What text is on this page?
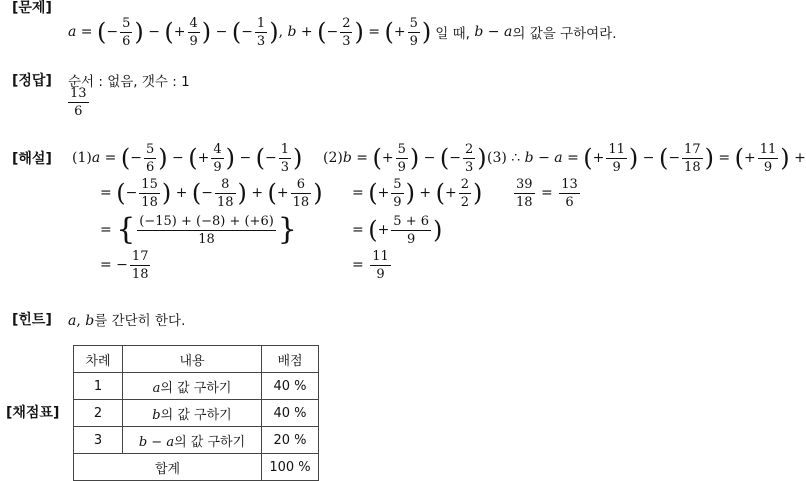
[문제]
a = ( − $\frac{5}{6}$ ) − ( + $\frac{4}{9}$ ) − ( − $\frac{1}{3}$ ) , b + ( − $\frac{2}{3}$ ) = ( + $\frac{5}{9}$ ) 일 때,
b − a 의 값을 구하여라.
[정답] 순서 : 없음, 갯수 : 1
$\frac{13}{6}$
[해설] (1) a = ( − $\frac{5}{6}$ ) − ( + $\frac{4}{9}$ ) − ( − $\frac{1}{3}$ )
= ( − $\frac{15}{18}$ ) + ( − $\frac{8}{18}$ ) + ( + $\frac{6}{18}$ )
= { $\frac{(-15) + (-8) + (+6)}{18}$ }
= − $\frac{17}{18}$
(2) b = ( + $\frac{5}{9}$ ) − ( − $\frac{2}{3}$ )
= ( + $\frac{5}{9}$ ) + ( + $\frac{2}{2}$ )
= ( + $\frac{5 + 6}{9}$ )
= $\frac{11}{9}$
(3) ∴ b − a = ( + $\frac{11}{9}$ ) − ( − $\frac{17}{18}$ ) = ( + $\frac{11}{9}$ ) +
$\frac{39}{18} = \frac{13}{6}$
[힌트] a, b를 간단히 한다.
[채점표]
차례	내용	배점
1	a의 값 구하기	40 %
2	b의 값 구하기	40 %
3	b − a의 값 구하기	20 %
합계		100 %
